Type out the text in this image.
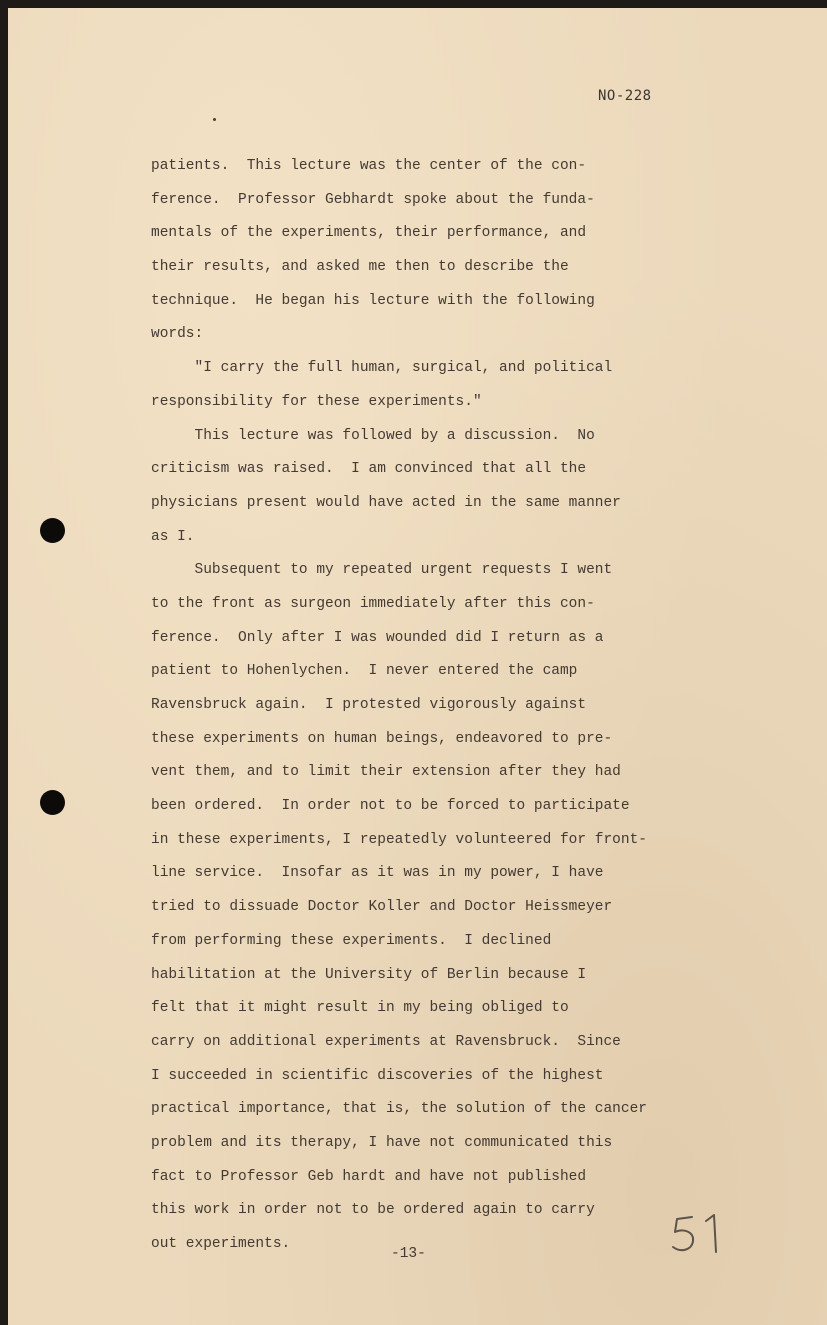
NO-228
patients.  This lecture was the center of the con-
ference.  Professor Gebhardt spoke about the funda-
mentals of the experiments, their performance, and
their results, and asked me then to describe the
technique.  He began his lecture with the following
words:
"I carry the full human, surgical, and political
responsibility for these experiments."
This lecture was followed by a discussion.  No
criticism was raised.  I am convinced that all the
physicians present would have acted in the same manner
as I.
Subsequent to my repeated urgent requests I went
to the front as surgeon immediately after this con-
ference.  Only after I was wounded did I return as a
patient to Hohenlychen.  I never entered the camp
Ravensbruck again.  I protested vigorously against
these experiments on human beings, endeavored to pre-
vent them, and to limit their extension after they had
been ordered.  In order not to be forced to participate
in these experiments, I repeatedly volunteered for front-
line service.  Insofar as it was in my power, I have
tried to dissuade Doctor Koller and Doctor Heissmeyer
from performing these experiments.  I declined
habilitation at the University of Berlin because I
felt that it might result in my being obliged to
carry on additional experiments at Ravensbruck.  Since
I succeeded in scientific discoveries of the highest
practical importance, that is, the solution of the cancer
problem and its therapy, I have not communicated this
fact to Professor Geb hardt and have not published
this work in order not to be ordered again to carry
out experiments.
-13-
